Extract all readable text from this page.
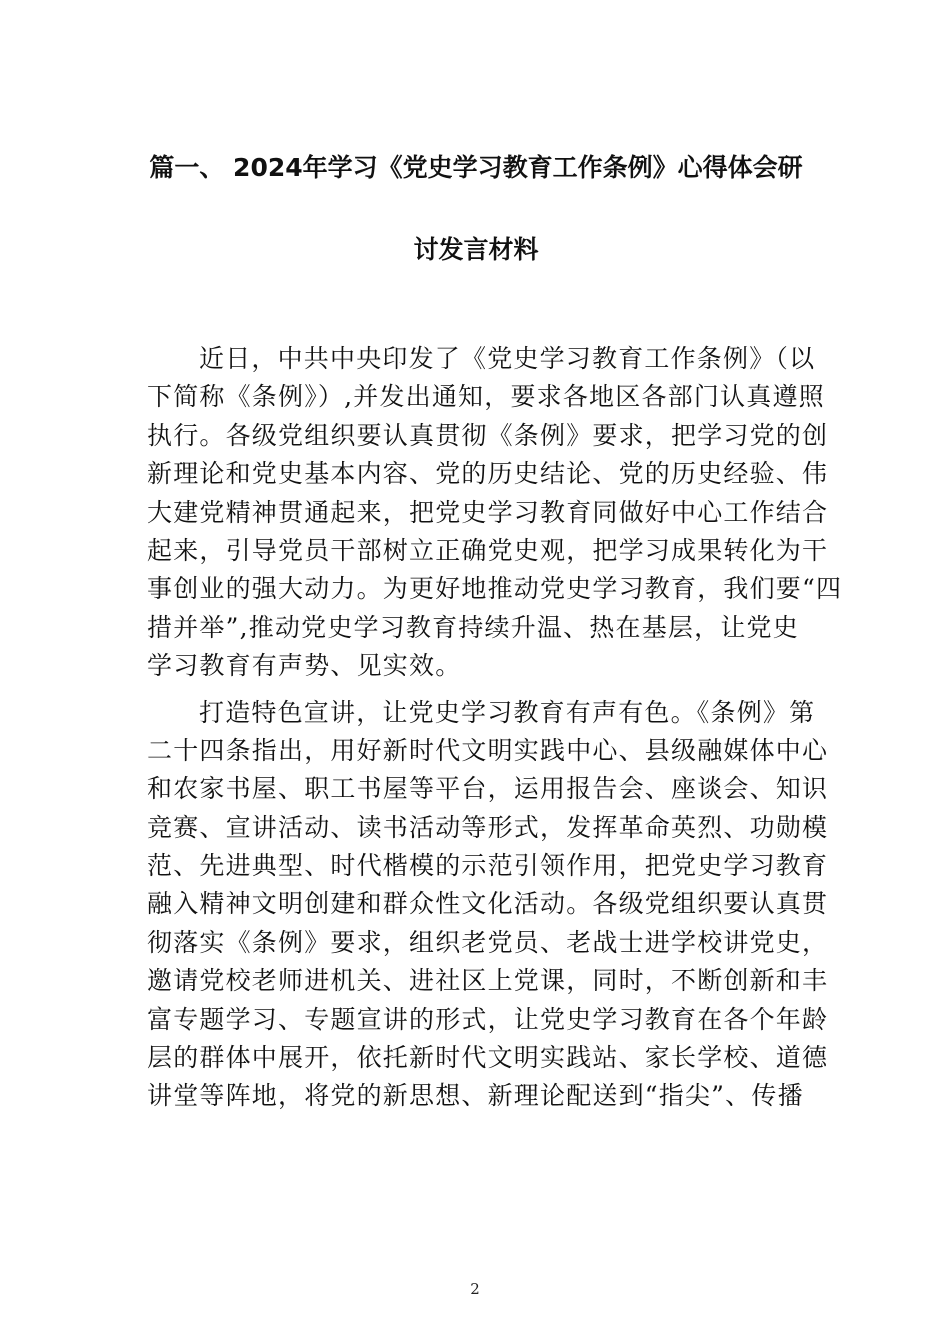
篇一、 2024年学习《党史学习教育工作条例》心得体会研
讨发言材料
近日，中共中央印发了《党史学习教育工作条例》（以
下简称《条例》）,并发出通知，要求各地区各部门认真遵照
执行。各级党组织要认真贯彻《条例》要求，把学习党的创
新理论和党史基本内容、党的历史结论、党的历史经验、伟
大建党精神贯通起来，把党史学习教育同做好中心工作结合
起来，引导党员干部树立正确党史观，把学习成果转化为干
事创业的强大动力。为更好地推动党史学习教育，我们要“四
措并举”,推动党史学习教育持续升温、热在基层，让党史
学习教育有声势、见实效。
打造特色宣讲，让党史学习教育有声有色。《条例》第
二十四条指出，用好新时代文明实践中心、县级融媒体中心
和农家书屋、职工书屋等平台，运用报告会、座谈会、知识
竞赛、宣讲活动、读书活动等形式，发挥革命英烈、功勋模
范、先进典型、时代楷模的示范引领作用，把党史学习教育
融入精神文明创建和群众性文化活动。各级党组织要认真贯
彻落实《条例》要求，组织老党员、老战士进学校讲党史，
邀请党校老师进机关、进社区上党课，同时，不断创新和丰
富专题学习、专题宣讲的形式，让党史学习教育在各个年龄
层的群体中展开，依托新时代文明实践站、家长学校、道德
讲堂等阵地，将党的新思想、新理论配送到“指尖”、传播
2
